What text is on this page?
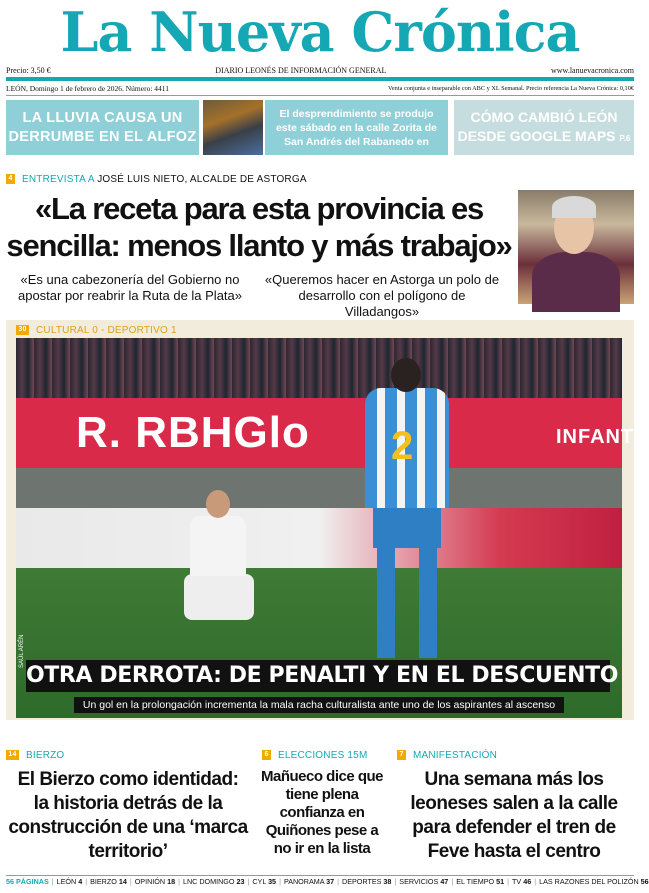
La Nueva Crónica
Precio: 3,50 €	DIARIO LEONÉS DE INFORMACIÓN GENERAL	www.lanuevacronica.com
LEÓN, Domingo 1 de febrero de 2026. Número: 4411	Venta conjunta e inseparable con ABC y XL Semanal. Precio referencia La Nueva Crónica: 0,10€
LA LLUVIA CAUSA UN DERRUMBE EN EL ALFOZ
El desprendimiento se produjo este sábado en la calle Zorita de San Andrés del Rabanedo en
CÓMO CAMBIÓ LEÓN DESDE GOOGLE MAPS P.6
4 ENTREVISTA A JOSÉ LUIS NIETO, ALCALDE DE ASTORGA
«La receta para esta provincia es sencilla: menos llanto y más trabajo»
«Es una cabezonería del Gobierno no apostar por reabrir la Ruta de la Plata»
«Queremos hacer en Astorga un polo de desarrollo con el polígono de Villadangos»
30 CULTURAL 0 - DEPORTIVO 1
R. RBHGlo	INFANTA
2
SAÚL ARÉN
OTRA DERROTA: DE PENALTI Y EN EL DESCUENTO
Un gol en la prolongación incrementa la mala racha culturalista ante uno de los aspirantes al ascenso
14 BIERZO
El Bierzo como identidad: la historia detrás de la construcción de una ‘marca territorio’
6 ELECCIONES 15M
Mañueco dice que tiene plena confianza en Quiñones pese a no ir en la lista
7 MANIFESTACIÓN
Una semana más los leoneses salen a la calle para defender el tren de Feve hasta el centro
56 PÁGINAS | LEÓN 4 | BIERZO 14 | OPINIÓN 18 | LNC DOMINGO 23 | CYL 35 | PANORAMA 37 | DEPORTES 38 | SERVICIOS 47 | EL TIEMPO 51 | TV 46 | LAS RAZONES DEL POLIZÓN 56
